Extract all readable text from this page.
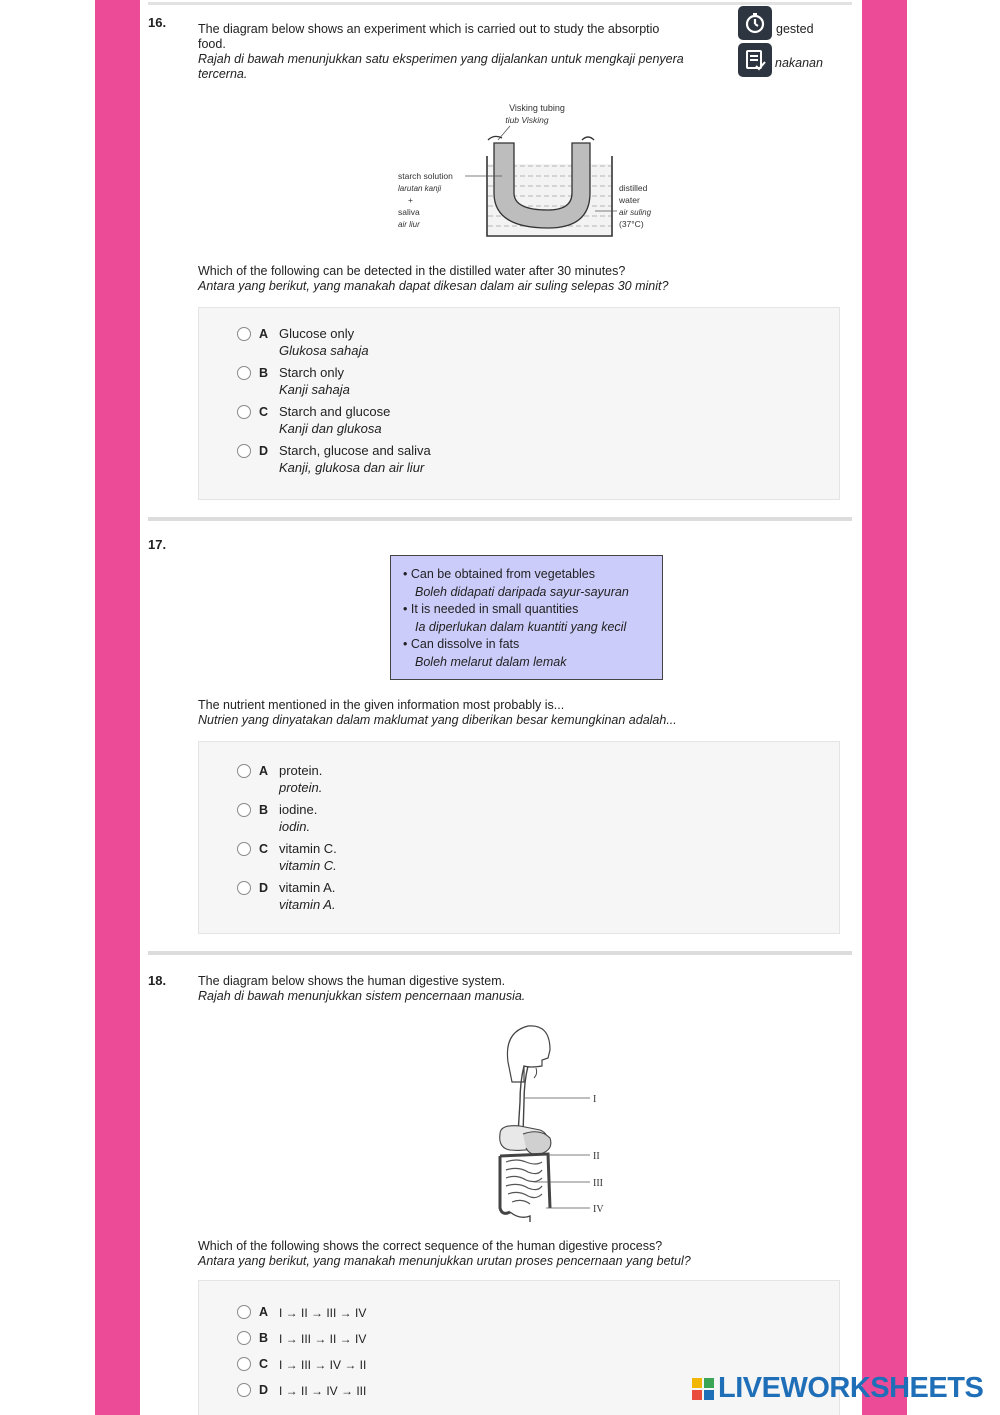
16.	The diagram below shows an experiment which is carried out to study the absorptio
food.
Rajah di bawah menunjukkan satu eksperimen yang dijalankan untuk mengkaji penyera
tercerna.
gested
nakanan
Visking tubing
tiub Visking
starch solution
larutan kanji
+
saliva
air liur
distilled
water
air suling
(37°C)
Which of the following can be detected in the distilled water after 30 minutes?
Antara yang berikut, yang manakah dapat dikesan dalam air suling selepas 30 minit?
A Glucose only
Glukosa sahaja
B Starch only
Kanji sahaja
C Starch and glucose
Kanji dan glukosa
D Starch, glucose and saliva
Kanji, glukosa dan air liur
17.
• Can be obtained from vegetables
Boleh didapati daripada sayur-sayuran
• It is needed in small quantities
Ia diperlukan dalam kuantiti yang kecil
• Can dissolve in fats
Boleh melarut dalam lemak
The nutrient mentioned in the given information most probably is...
Nutrien yang dinyatakan dalam maklumat yang diberikan besar kemungkinan adalah...
A protein.
protein.
B iodine.
iodin.
C vitamin C.
vitamin C.
D vitamin A.
vitamin A.
18.	The diagram below shows the human digestive system.
Rajah di bawah menunjukkan sistem pencernaan manusia.
I
II
III
IV
Which of the following shows the correct sequence of the human digestive process?
Antara yang berikut, yang manakah menunjukkan urutan proses pencernaan yang betul?
A I → II → III → IV
B I → III → II → IV
C I → III → IV → II
D I → II → IV → III	LIVEWORKSHEETS
